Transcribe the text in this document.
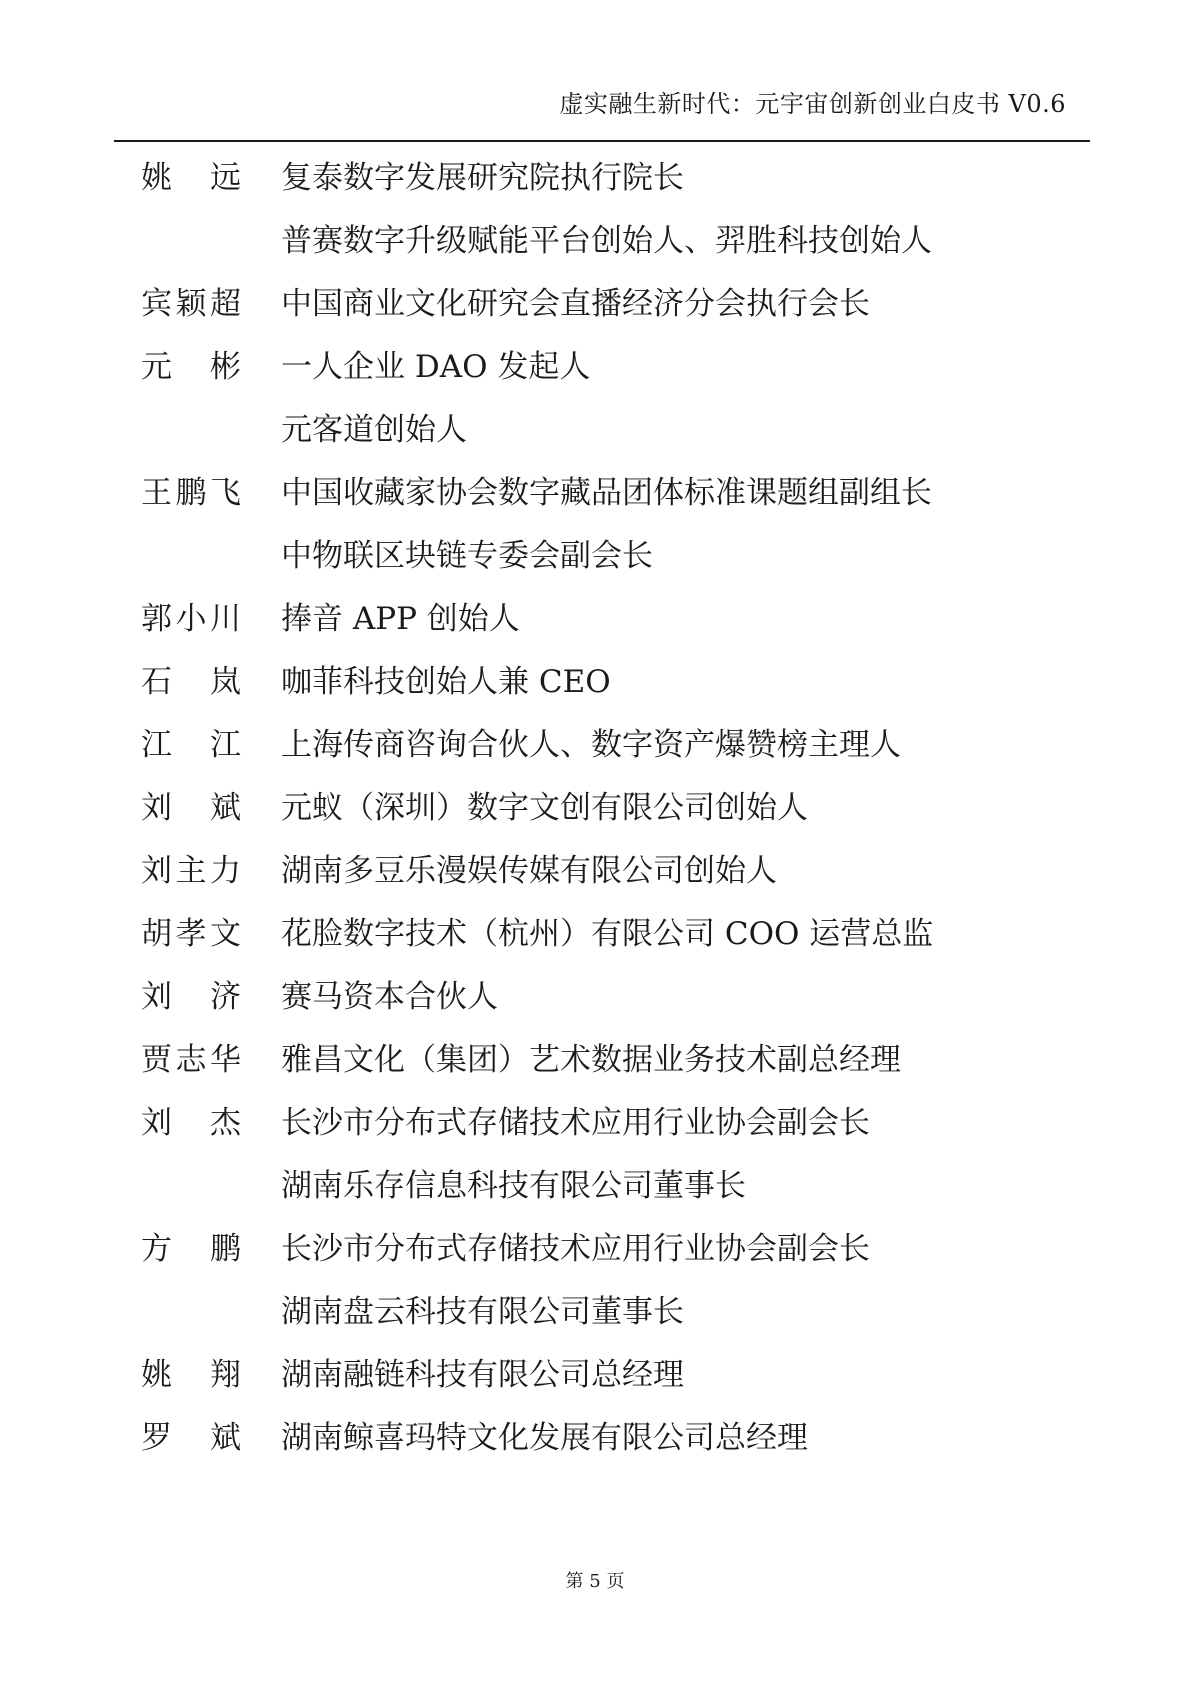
虚实融生新时代：元宇宙创新创业白皮书 V0.6
姚 远 复泰数字发展研究院执行院长
普赛数字升级赋能平台创始人、羿胜科技创始人
宾 颖 超 中国商业文化研究会直播经济分会执行会长
元 彬 一人企业 DAO 发起人
元客道创始人
王 鹏 飞 中国收藏家协会数字藏品团体标准课题组副组长
中物联区块链专委会副会长
郭 小 川 捧音 APP 创始人
石 岚 咖菲科技创始人兼 CEO
江 江 上海传商咨询合伙人、数字资产爆赞榜主理人
刘 斌 元蚁（深圳）数字文创有限公司创始人
刘 主 力 湖南多豆乐漫娱传媒有限公司创始人
胡 孝 文 花脸数字技术（杭州）有限公司 COO 运营总监
刘 济 赛马资本合伙人
贾 志 华 雅昌文化（集团）艺术数据业务技术副总经理
刘 杰 长沙市分布式存储技术应用行业协会副会长
湖南乐存信息科技有限公司董事长
方 鹏 长沙市分布式存储技术应用行业协会副会长
湖南盘云科技有限公司董事长
姚 翔 湖南融链科技有限公司总经理
罗 斌 湖南鲸喜玛特文化发展有限公司总经理
第 5 页
